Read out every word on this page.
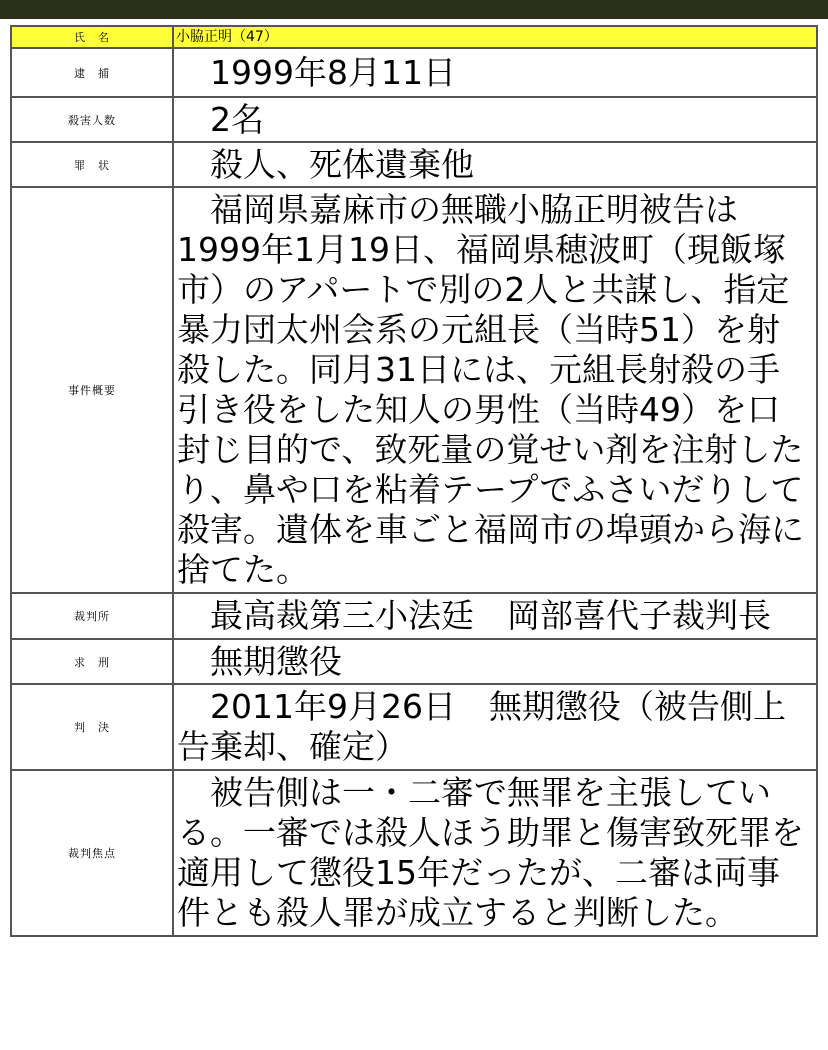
氏　名	小脇正明（47）
逮　捕	1999年8月11日
殺害人数	2名
罪　状	殺人、死体遺棄他
事件概要	福岡県嘉麻市の無職小脇正明被告は1999年1月19日、福岡県穂波町（現飯塚市）のアパートで別の2人と共謀し、指定暴力団太州会系の元組長（当時51）を射殺した。同月31日には、元組長射殺の手引き役をした知人の男性（当時49）を口封じ目的で、致死量の覚せい剤を注射したり、鼻や口を粘着テープでふさいだりして殺害。遺体を車ごと福岡市の埠頭から海に捨てた。
裁判所	最高裁第三小法廷　岡部喜代子裁判長
求　刑	無期懲役
判　決	2011年9月26日　無期懲役（被告側上告棄却、確定）
裁判焦点	被告側は一・二審で無罪を主張している。一審では殺人ほう助罪と傷害致死罪を適用して懲役15年だったが、二審は両事件とも殺人罪が成立すると判断した。
